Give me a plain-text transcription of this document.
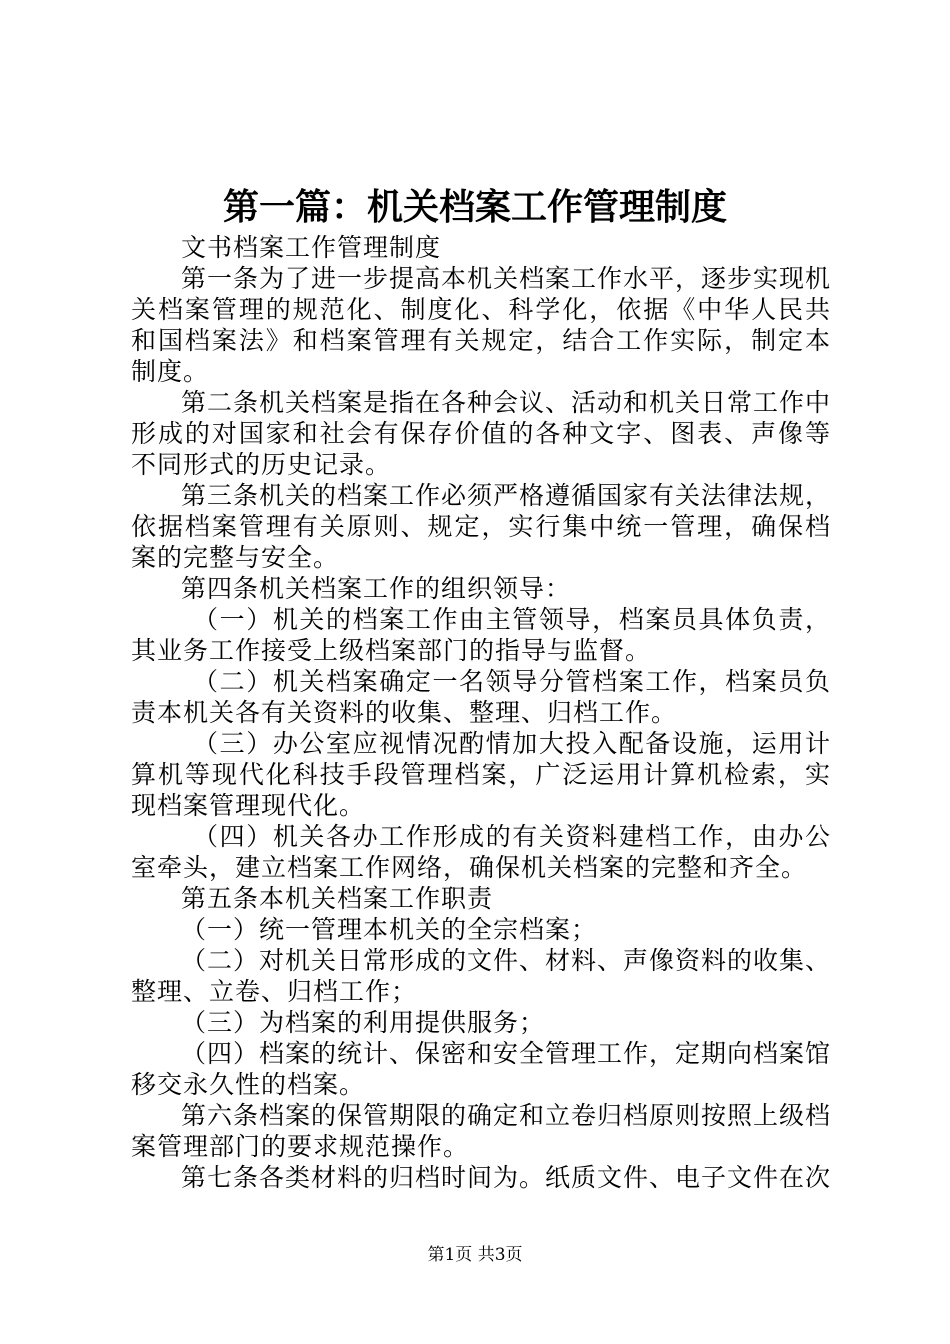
第一篇：机关档案工作管理制度
文书档案工作管理制度
第一条为了进一步提高本机关档案工作水平，逐步实现机关档案管理的规范化、制度化、科学化，依据《中华人民共和国档案法》和档案管理有关规定，结合工作实际，制定本制度。
第二条机关档案是指在各种会议、活动和机关日常工作中形成的对国家和社会有保存价值的各种文字、图表、声像等不同形式的历史记录。
第三条机关的档案工作必须严格遵循国家有关法律法规，依据档案管理有关原则、规定，实行集中统一管理，确保档案的完整与安全。
第四条机关档案工作的组织领导：
（一）机关的档案工作由主管领导，档案员具体负责，其业务工作接受上级档案部门的指导与监督。
（二）机关档案确定一名领导分管档案工作，档案员负责本机关各有关资料的收集、整理、归档工作。
（三）办公室应视情况酌情加大投入配备设施，运用计算机等现代化科技手段管理档案，广泛运用计算机检索，实现档案管理现代化。
（四）机关各办工作形成的有关资料建档工作，由办公室牵头，建立档案工作网络，确保机关档案的完整和齐全。
第五条本机关档案工作职责
（一）统一管理本机关的全宗档案；
（二）对机关日常形成的文件、材料、声像资料的收集、整理、立卷、归档工作；
（三）为档案的利用提供服务；
（四）档案的统计、保密和安全管理工作，定期向档案馆移交永久性的档案。
第六条档案的保管期限的确定和立卷归档原则按照上级档案管理部门的要求规范操作。
第七条各类材料的归档时间为。纸质文件、电子文件在次
第1页 共3页
